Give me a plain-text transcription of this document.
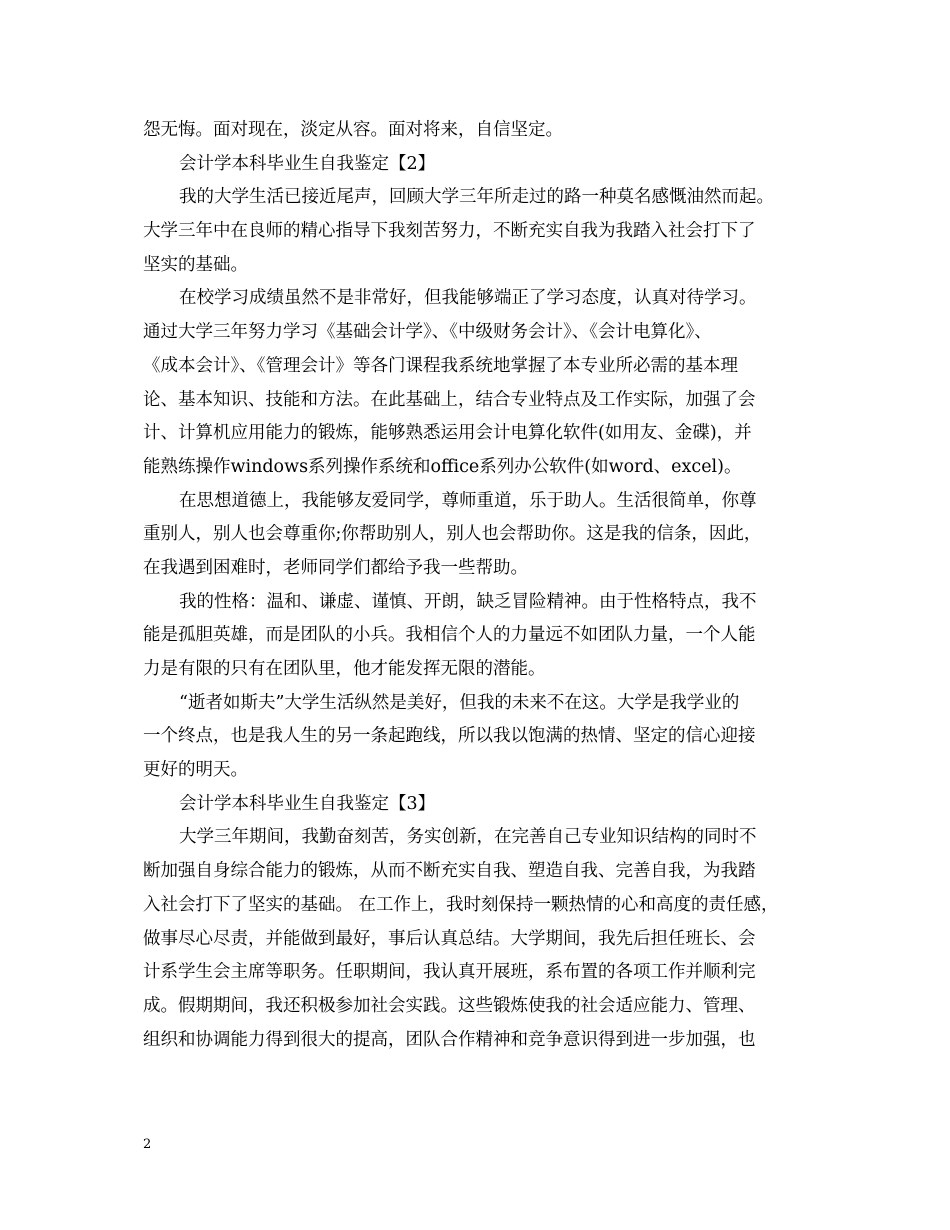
怨无悔。面对现在，淡定从容。面对将来，自信坚定。
会计学本科毕业生自我鉴定【2】
我的大学生活已接近尾声，回顾大学三年所走过的路一种莫名感慨油然而起。
大学三年中在良师的精心指导下我刻苦努力，不断充实自我为我踏入社会打下了
坚实的基础。
在校学习成绩虽然不是非常好，但我能够端正了学习态度，认真对待学习。
通过大学三年努力学习《基础会计学》、《中级财务会计》、《会计电算化》、
《成本会计》、《管理会计》等各门课程我系统地掌握了本专业所必需的基本理
论、基本知识、技能和方法。在此基础上，结合专业特点及工作实际，加强了会
计、计算机应用能力的锻炼，能够熟悉运用会计电算化软件(如用友、金碟)，并
能熟练操作windows系列操作系统和office系列办公软件(如word、excel)。
在思想道德上，我能够友爱同学，尊师重道，乐于助人。生活很简单，你尊
重别人，别人也会尊重你;你帮助别人，别人也会帮助你。这是我的信条，因此，
在我遇到困难时，老师同学们都给予我一些帮助。
我的性格：温和、谦虚、谨慎、开朗，缺乏冒险精神。由于性格特点，我不
能是孤胆英雄，而是团队的小兵。我相信个人的力量远不如团队力量，一个人能
力是有限的只有在团队里，他才能发挥无限的潜能。
“逝者如斯夫”大学生活纵然是美好，但我的未来不在这。大学是我学业的
一个终点，也是我人生的另一条起跑线，所以我以饱满的热情、坚定的信心迎接
更好的明天。
会计学本科毕业生自我鉴定【3】
大学三年期间，我勤奋刻苦，务实创新，在完善自己专业知识结构的同时不
断加强自身综合能力的锻炼，从而不断充实自我、塑造自我、完善自我，为我踏
入社会打下了坚实的基础。 在工作上，我时刻保持一颗热情的心和高度的责任感，
做事尽心尽责，并能做到最好，事后认真总结。大学期间，我先后担任班长、会
计系学生会主席等职务。任职期间，我认真开展班，系布置的各项工作并顺利完
成。假期期间，我还积极参加社会实践。这些锻炼使我的社会适应能力、管理、
组织和协调能力得到很大的提高，团队合作精神和竞争意识得到进一步加强，也
2
